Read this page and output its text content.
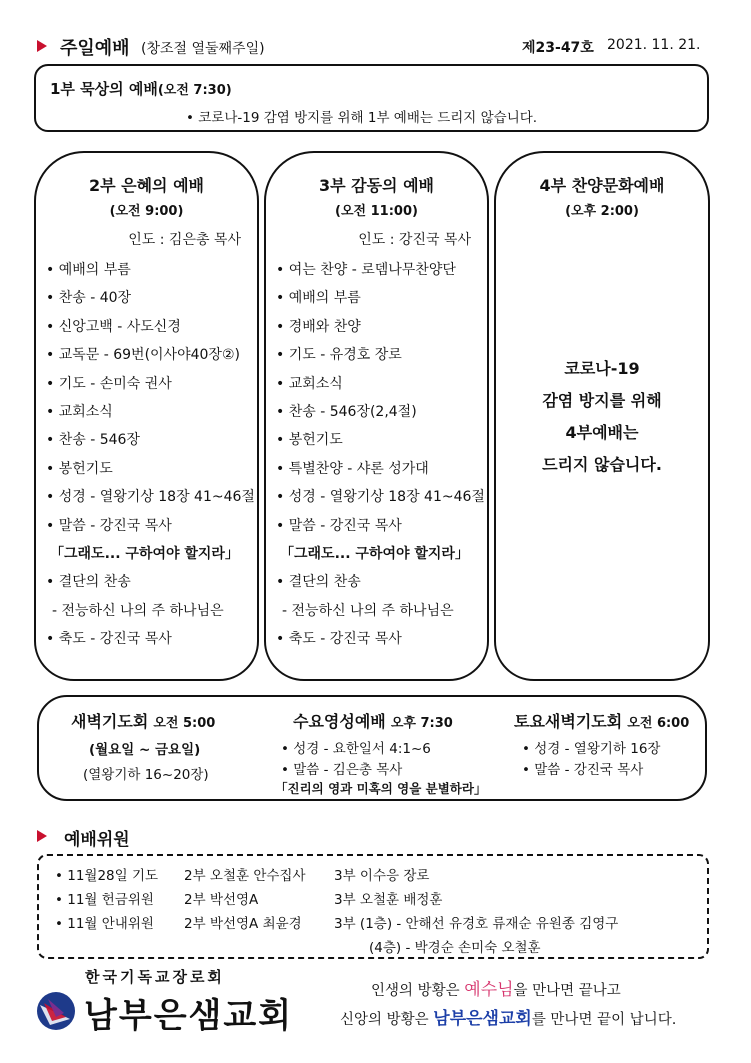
주일예배 (창조절 열둘째주일)	제23-47호 2021. 11. 21.
1부 묵상의 예배(오전 7:30)
• 코로나-19 감염 방지를 위해 1부 예배는 드리지 않습니다.
2부 은혜의 예배
(오전 9:00)
인도 : 김은총 목사
• 예배의 부름
• 찬송 - 40장
• 신앙고백 - 사도신경
• 교독문 - 69번(이사야40장②)
• 기도 - 손미숙 권사
• 교회소식
• 찬송 - 546장
• 봉헌기도
• 성경 - 열왕기상 18장 41~46절
• 말씀 - 강진국 목사
「그래도... 구하여야 할지라」
• 결단의 찬송
- 전능하신 나의 주 하나님은
• 축도 - 강진국 목사
3부 감동의 예배
(오전 11:00)
인도 : 강진국 목사
• 여는 찬양 - 로뎀나무찬양단
• 예배의 부름
• 경배와 찬양
• 기도 - 유경호 장로
• 교회소식
• 찬송 - 546장(2,4절)
• 봉헌기도
• 특별찬양 - 샤론 성가대
• 성경 - 열왕기상 18장 41~46절
• 말씀 - 강진국 목사
「그래도... 구하여야 할지라」
• 결단의 찬송
- 전능하신 나의 주 하나님은
• 축도 - 강진국 목사
4부 찬양문화예배
(오후 2:00)
코로나-19
감염 방지를 위해
4부예배는
드리지 않습니다.
새벽기도회 오전 5:00
(월요일 ~ 금요일)
(열왕기하 16~20장)
수요영성예배 오후 7:30
• 성경 - 요한일서 4:1~6
• 말씀 - 김은총 목사
「진리의 영과 미혹의 영을 분별하라」
토요새벽기도회 오전 6:00
• 성경 - 열왕기하 16장
• 말씀 - 강진국 목사
예배위원
• 11월28일 기도 2부 오철훈 안수집사 3부 이수응 장로
• 11월 헌금위원 2부 박선영A	3부 오철훈 배정훈
• 11월 안내위원 2부 박선영A 최윤경 3부 (1층) - 안해선 유경호 류재순 유원종 김영구
(4층) - 박경순 손미숙 오철훈
한국기독교장로회
남부은샘교회
인생의 방황은 예수님을 만나면 끝나고
신앙의 방황은 남부은샘교회를 만나면 끝이 납니다.
